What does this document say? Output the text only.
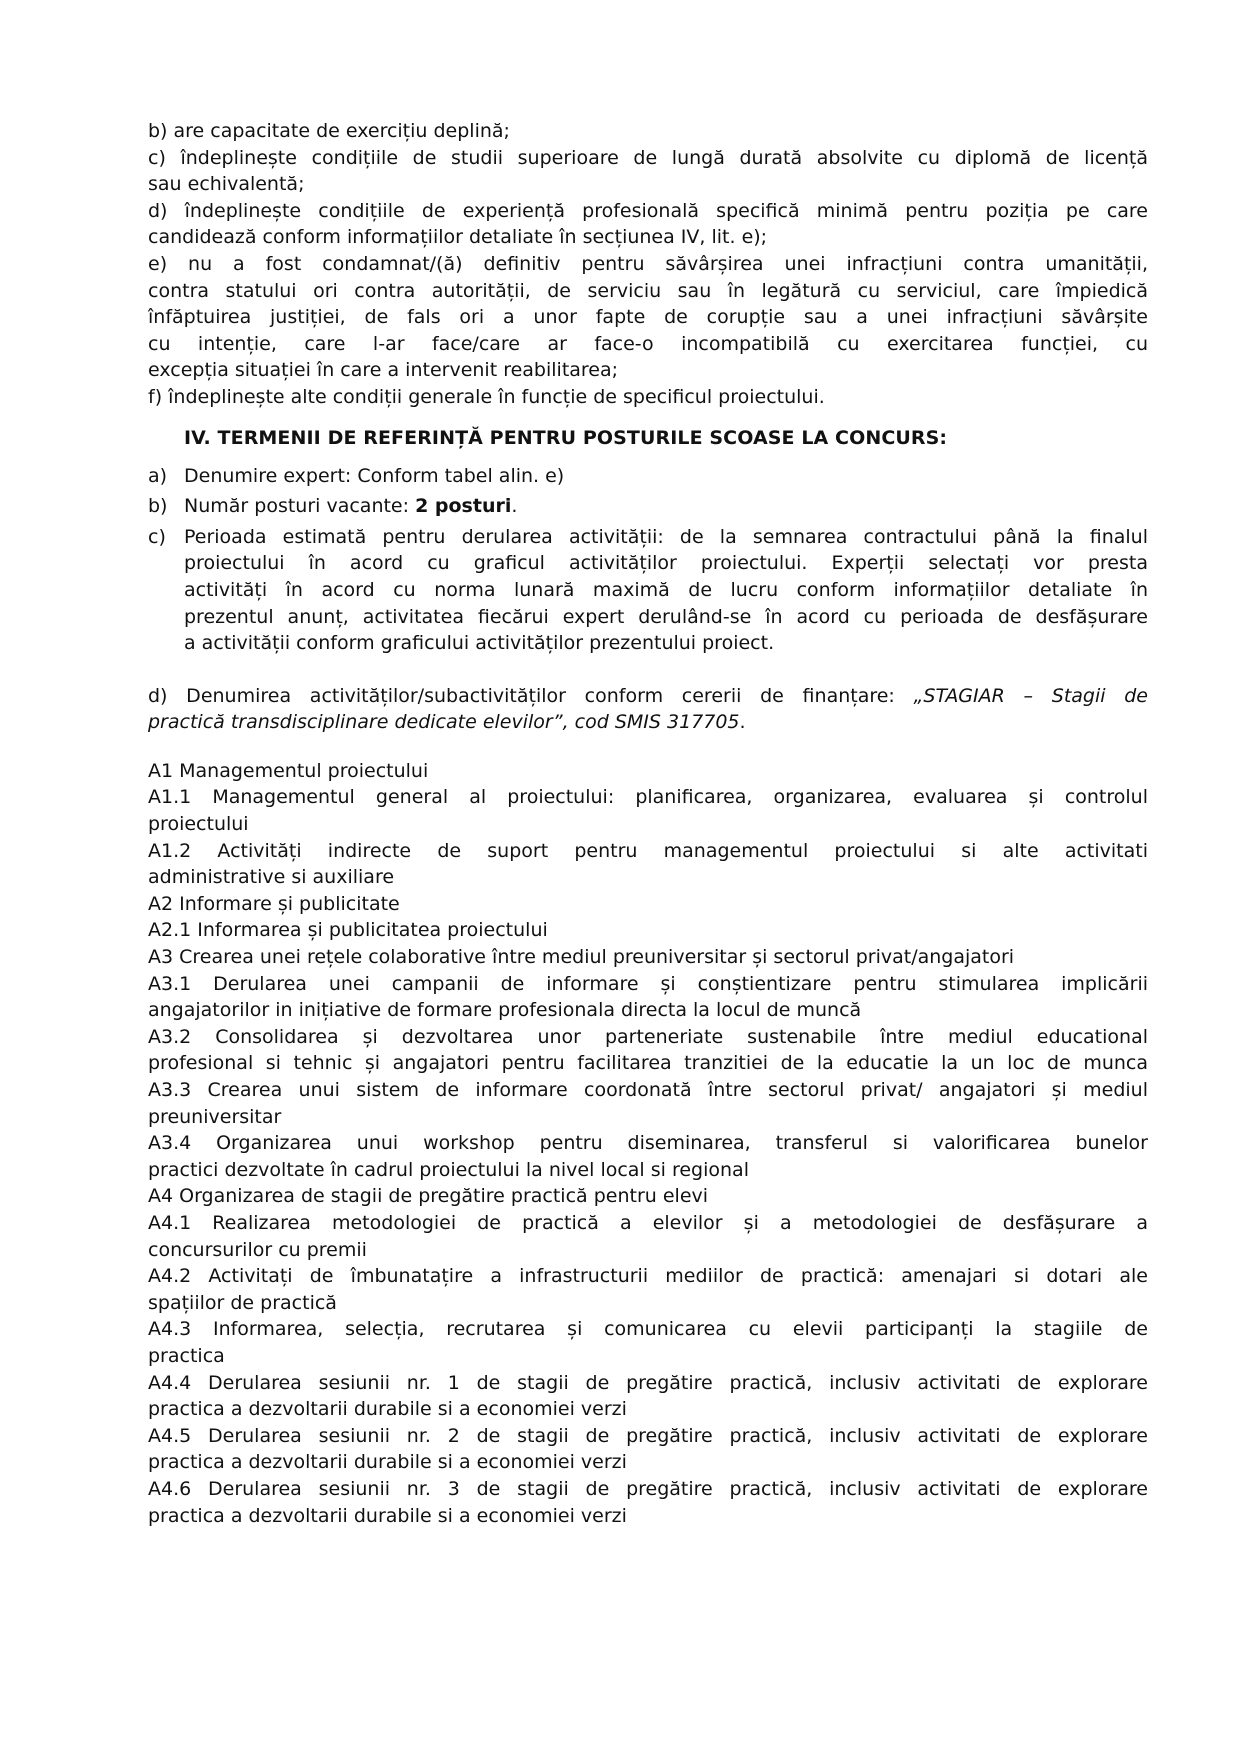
b) are capacitate de exercițiu deplină;
c) îndeplinește condițiile de studii superioare de lungă durată absolvite cu diplomă de licență
sau echivalentă;
d) îndeplinește condițiile de experiență profesională specifică minimă pentru poziția pe care
candidează conform informațiilor detaliate în secțiunea IV, lit. e);
e) nu a fost condamnat/(ă) definitiv pentru săvârșirea unei infracțiuni contra umanității,
contra statului ori contra autorității, de serviciu sau în legătură cu serviciul, care împiedică
înfăptuirea justiției, de fals ori a unor fapte de corupție sau a unei infracțiuni săvârșite
cu intenție, care l-ar face/care ar face-o incompatibilă cu exercitarea funcției, cu
excepția situației în care a intervenit reabilitarea;
f) îndeplinește alte condiții generale în funcție de specificul proiectului.
IV. TERMENII DE REFERINȚĂ PENTRU POSTURILE SCOASE LA CONCURS:
a) Denumire expert: Conform tabel alin. e)
b) Număr posturi vacante: 2 posturi.
c) Perioada estimată pentru derularea activității: de la semnarea contractului până la finalul
proiectului în acord cu graficul activităților proiectului. Experții selectați vor presta
activități în acord cu norma lunară maximă de lucru conform informațiilor detaliate în
prezentul anunț, activitatea fiecărui expert derulând-se în acord cu perioada de desfășurare
a activității conform graficului activităților prezentului proiect.
d) Denumirea activităților/subactivităților conform cererii de finanțare: „STAGIAR – Stagii de
practică transdisciplinare dedicate elevilor”, cod SMIS 317705.
A1 Managementul proiectului
A1.1 Managementul general al proiectului: planificarea, organizarea, evaluarea și controlul
proiectului
A1.2 Activități indirecte de suport pentru managementul proiectului si alte activitati
administrative si auxiliare
A2 Informare și publicitate
A2.1 Informarea și publicitatea proiectului
A3 Crearea unei rețele colaborative între mediul preuniversitar și sectorul privat/angajatori
A3.1 Derularea unei campanii de informare și conștientizare pentru stimularea implicării
angajatorilor in inițiative de formare profesionala directa la locul de muncă
A3.2 Consolidarea și dezvoltarea unor parteneriate sustenabile între mediul educational
profesional si tehnic și angajatori pentru facilitarea tranzitiei de la educatie la un loc de munca
A3.3 Crearea unui sistem de informare coordonată între sectorul privat/ angajatori și mediul
preuniversitar
A3.4 Organizarea unui workshop pentru diseminarea, transferul si valorificarea bunelor
practici dezvoltate în cadrul proiectului la nivel local si regional
A4 Organizarea de stagii de pregătire practică pentru elevi
A4.1 Realizarea metodologiei de practică a elevilor și a metodologiei de desfășurare a
concursurilor cu premii
A4.2 Activitați de îmbunatațire a infrastructurii mediilor de practică: amenajari si dotari ale
spațiilor de practică
A4.3 Informarea, selecția, recrutarea și comunicarea cu elevii participanți la stagiile de
practica
A4.4 Derularea sesiunii nr. 1 de stagii de pregătire practică, inclusiv activitati de explorare
practica a dezvoltarii durabile si a economiei verzi
A4.5 Derularea sesiunii nr. 2 de stagii de pregătire practică, inclusiv activitati de explorare
practica a dezvoltarii durabile si a economiei verzi
A4.6 Derularea sesiunii nr. 3 de stagii de pregătire practică, inclusiv activitati de explorare
practica a dezvoltarii durabile si a economiei verzi
